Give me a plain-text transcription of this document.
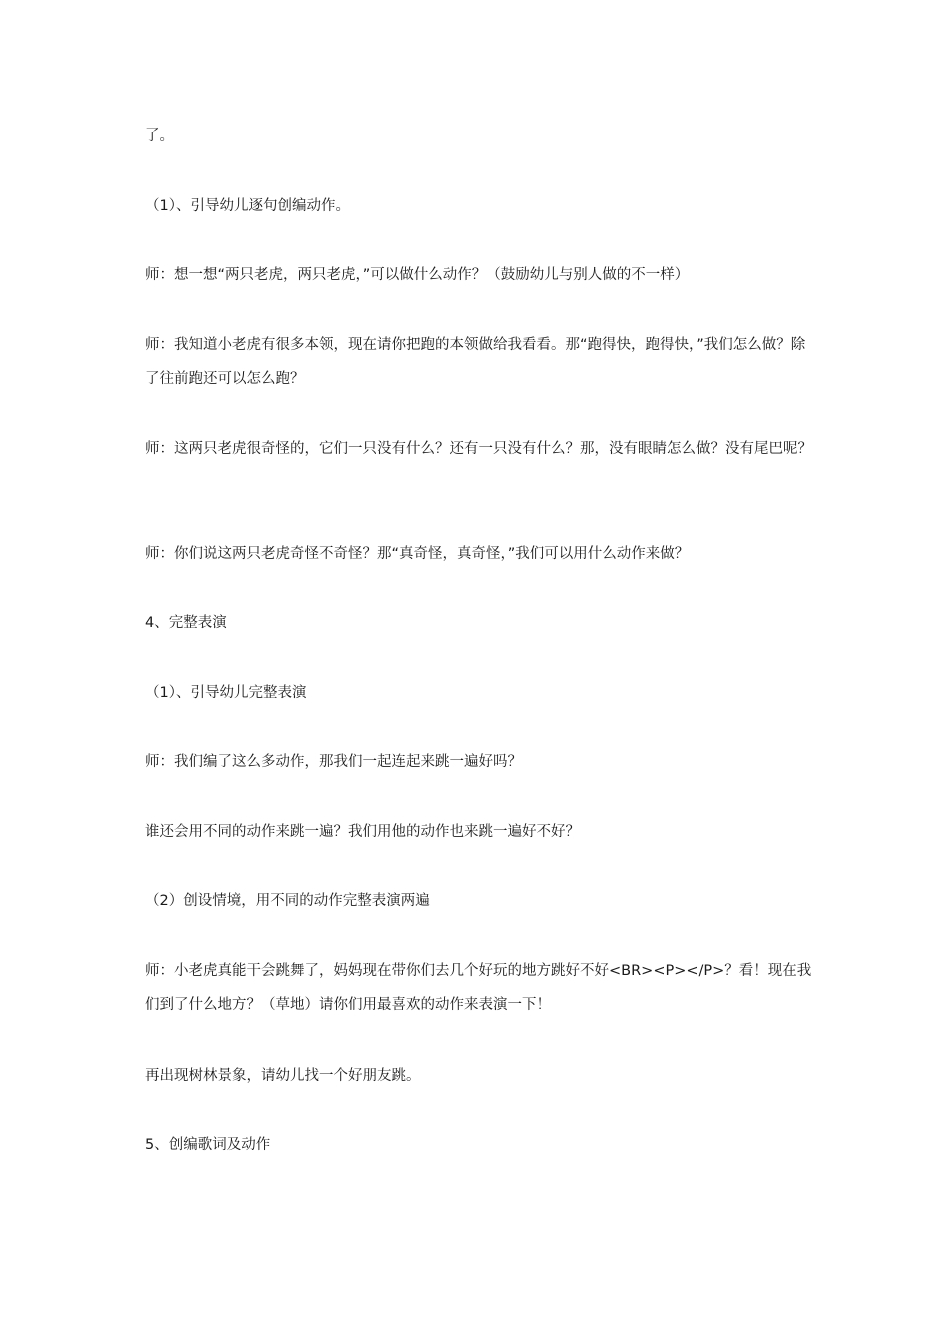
了。
（1）、引导幼儿逐句创编动作。
师：想一想“两只老虎，两只老虎，”可以做什么动作？（鼓励幼儿与别人做的不一样）
师：我知道小老虎有很多本领，现在请你把跑的本领做给我看看。那“跑得快，跑得快，”我们怎么做？除了往前跑还可以怎么跑？
师：这两只老虎很奇怪的，它们一只没有什么？还有一只没有什么？那，没有眼睛怎么做？没有尾巴呢？
师：你们说这两只老虎奇怪不奇怪？那“真奇怪，真奇怪，”我们可以用什么动作来做？
4、完整表演
（1）、引导幼儿完整表演
师：我们编了这么多动作，那我们一起连起来跳一遍好吗？
谁还会用不同的动作来跳一遍？我们用他的动作也来跳一遍好不好？
（2）创设情境，用不同的动作完整表演两遍
师：小老虎真能干会跳舞了，妈妈现在带你们去几个好玩的地方跳好不好<BR><P></P>？看！现在我们到了什么地方？（草地）请你们用最喜欢的动作来表演一下！
再出现树林景象，请幼儿找一个好朋友跳。
5、创编歌词及动作
